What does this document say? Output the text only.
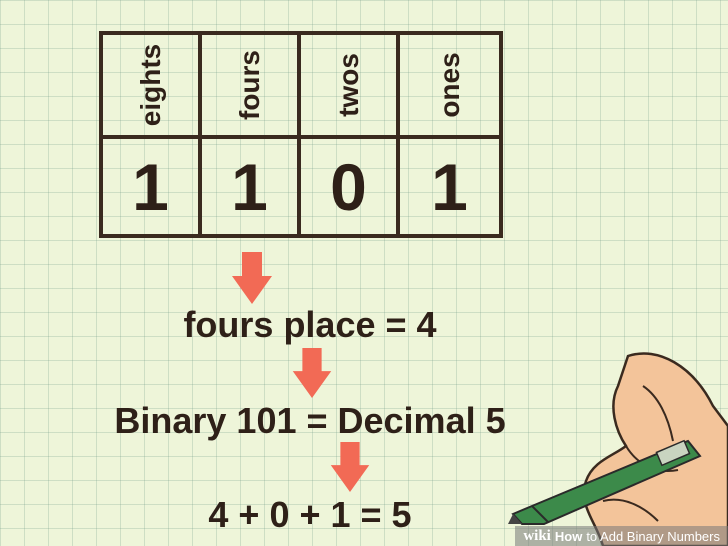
eights fours twos	ones
1 1 0 1
fours place = 4
Binary 101 = Decimal 5
4 + 0 + 1 = 5
wiki How to Add Binary Numbers
